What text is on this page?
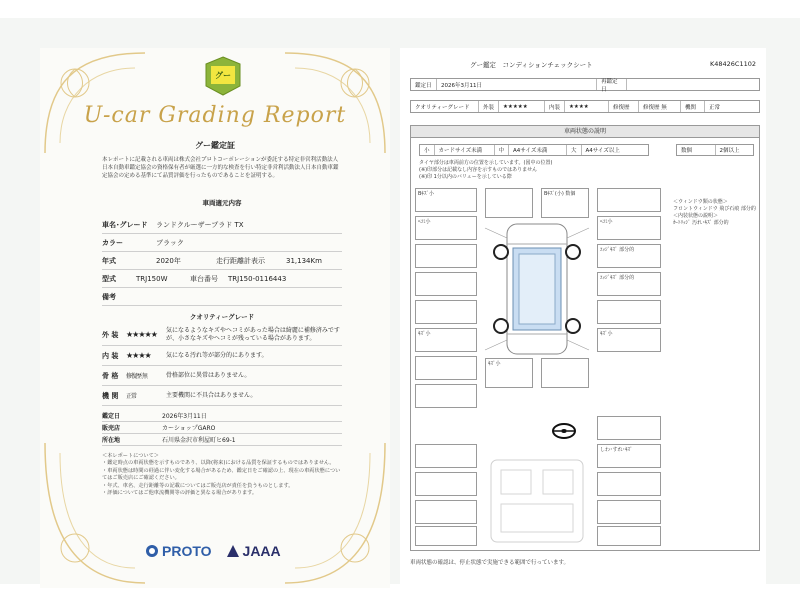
グー
U-car Grading Report
グー鑑定証
本レポートに記載される車両は株式会社プロトコーポレーションが委託する特定非営利活動法人日本自動車鑑定協会の資格保有者が厳選に一方的な検査を行い特定非営利活動法人日本自動車鑑定協会の定める基準にて品質評価を行ったものであることを証明する。
車両適元内容
車名･グレード	ランドクルーザープラド TX
カラー	ブラック
年式	2020年	走行距離計表示	31,134Km
型式	TRJ150W	車台番号	TRJ150-0116443
備考
クオリティーグレード
外 装 ★★★★★	気になるようなキズやヘコミがあった場合は綺麗に補修済みですが、小さなキズやヘコミが残っている場合があります。
内 装 ★★★★	気になる汚れ等が部分的にあります。
骨 格	修復歴 無	骨格部位に異常はありません。
機 関	正常	主要機関に不具合はありません。
鑑定日	2026年3月11日
販売店	カーショップGARO
所在地	石川県金沢市利屋町ヒ69-1
＜本レポートについて＞
・鑑定時点の車両状態を示すものであり、以降(将来)における品質を保証するものではありません。
・車両状態は時間の経過に伴い変化する場合があるため、鑑定日をご確認の上、現在の車両状態についてはご販売店にご確認ください。
・年式、車名、走行距離等の記載についてはご販売店が責任を負うものとします。
・評価についてはご他車流機関等の評価と異なる場合があります。
PROTO JAAA
グー鑑定　コンディションチェックシート	K48426C1102
鑑定日	2026年3月11日
再鑑定日
クオリティーグレード	外装	★★★★★	内装	★★★★	修復歴	修復歴 無	機関	正常
車両状態の説明
小	カードサイズ未満	中	A4サイズ未満	大	A4サイズ以上	数個	2個以上
タイヤ部分は車両前方の位置を示しています。(図中の位置)
(※)印部分は記載なし内容を示すものではありません
(※)印 1分以内のバリューを示している際
Bｷｽﾞ小	Bｷｽﾞ(小) 数個
ﾍｺﾐ小	ﾍｺﾐ小
ｴｯｼﾞｷｽﾞ 部分的
ｴｯｼﾞｷｽﾞ 部分的
ｷｽﾞ小	ｷｽﾞ小
ｷｽﾞ小
しわ･すれ･ｷｽﾞ
＜ウィンドウ類の状態＞
フロントウィンドウ 飛び石痕 部分的
＜内装状態の説明＞
ｶｰﾄﾘｯｼﾞ 汚れ･ｷｽﾞ 部分的
車両状態の確認は、停止状態で実施できる範囲で行っています。
